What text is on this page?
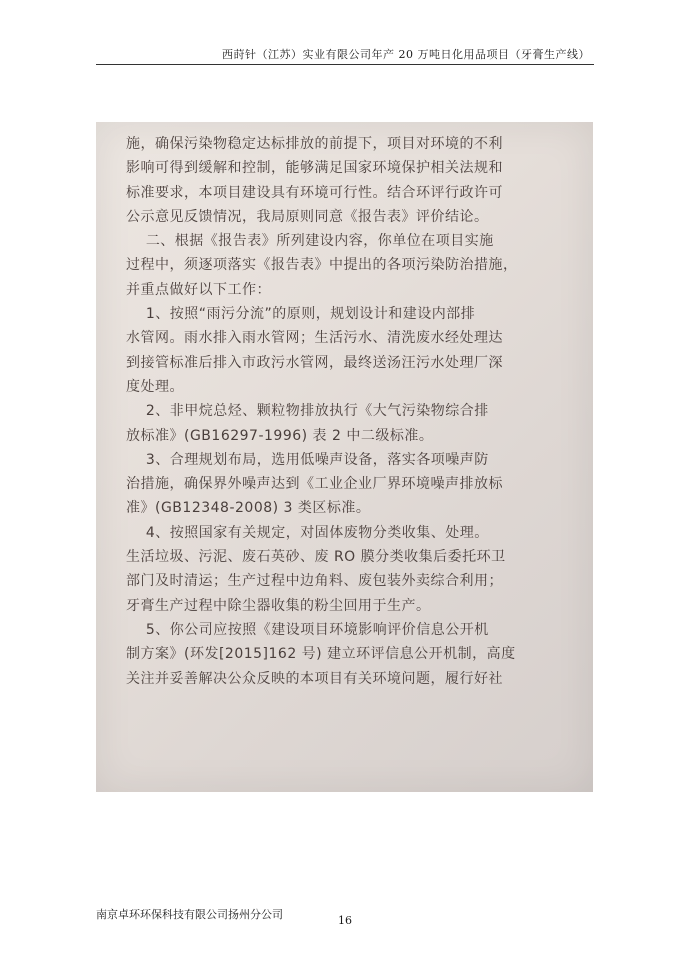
西莳针（江苏）实业有限公司年产 20 万吨日化用品项目（牙膏生产线）

施，确保污染物稳定达标排放的前提下，项目对环境的不利

影响可得到缓解和控制，能够满足国家环境保护相关法规和

标准要求，本项目建设具有环境可行性。结合环评行政许可

公示意见反馈情况，我局原则同意《报告表》评价结论。

二、根据《报告表》所列建设内容，你单位在项目实施

过程中，须逐项落实《报告表》中提出的各项污染防治措施，

并重点做好以下工作：

1、按照“雨污分流”的原则，规划设计和建设内部排

水管网。雨水排入雨水管网；生活污水、清洗废水经处理达

到接管标准后排入市政污水管网，最终送汤汪污水处理厂深

度处理。

2、非甲烷总烃、颗粒物排放执行《大气污染物综合排

放标准》(GB16297-1996) 表 2 中二级标准。

3、合理规划布局，选用低噪声设备，落实各项噪声防

治措施，确保界外噪声达到《工业企业厂界环境噪声排放标

准》(GB12348-2008) 3 类区标准。

4、按照国家有关规定，对固体废物分类收集、处理。

生活垃圾、污泥、废石英砂、废 RO 膜分类收集后委托环卫

部门及时清运；生产过程中边角料、废包装外卖综合利用；

牙膏生产过程中除尘器收集的粉尘回用于生产。

5、你公司应按照《建设项目环境影响评价信息公开机

制方案》(环发[2015]162 号) 建立环评信息公开机制，高度

关注并妥善解决公众反映的本项目有关环境问题，履行好社

南京卓环环保科技有限公司扬州分公司	16
